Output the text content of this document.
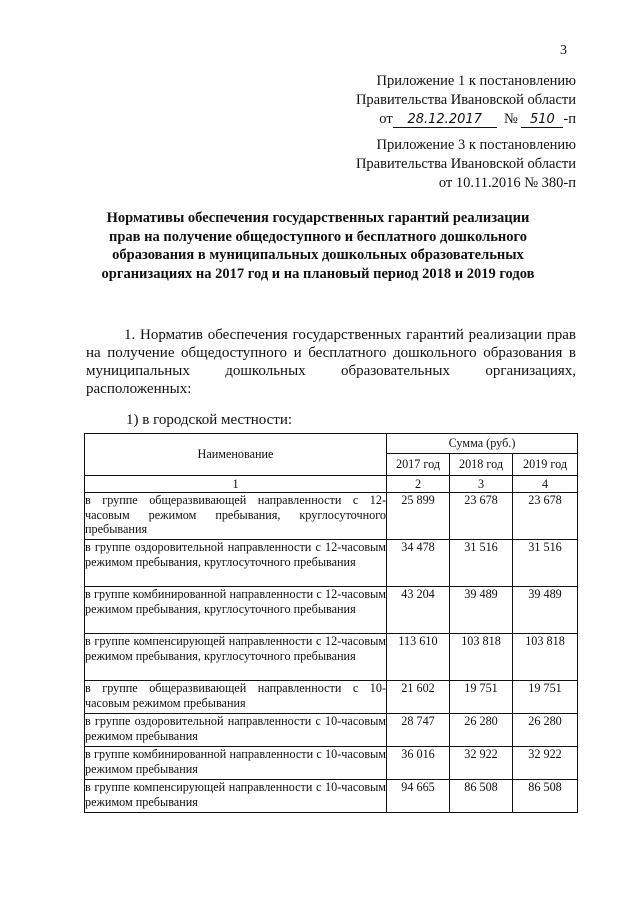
3
Приложение 1 к постановлению
Правительства Ивановской области
от 28.12.2017 № 510 -п
Приложение 3 к постановлению
Правительства Ивановской области
от 10.11.2016 № 380-п
Нормативы обеспечения государственных гарантий реализации прав на получение общедоступного и бесплатного дошкольного образования в муниципальных дошкольных образовательных организациях на 2017 год и на плановый период 2018 и 2019 годов
1. Норматив обеспечения государственных гарантий реализации прав на получение общедоступного и бесплатного дошкольного образования в муниципальных дошкольных образовательных организациях, расположенных:
1) в городской местности:
Наименование	Сумма (руб.)		
	2017 год	2018 год	2019 год
1	2	3	4
в группе общеразвивающей направленности с 12-часовым режимом пребывания, круглосуточного пребывания	25 899	23 678	23 678
в группе оздоровительной направленности с 12-часовым режимом пребывания, круглосуточного пребывания	34 478	31 516	31 516
в группе комбинированной направленности с 12-часовым режимом пребывания, круглосуточного пребывания	43 204	39 489	39 489
в группе компенсирующей направленности с 12-часовым режимом пребывания, круглосуточного пребывания	113 610	103 818	103 818
в группе общеразвивающей направленности с 10-часовым режимом пребывания	21 602	19 751	19 751
в группе оздоровительной направленности с 10-часовым режимом пребывания	28 747	26 280	26 280
в группе комбинированной направленности с 10-часовым режимом пребывания	36 016	32 922	32 922
в группе компенсирующей направленности с 10-часовым режимом пребывания	94 665	86 508	86 508
